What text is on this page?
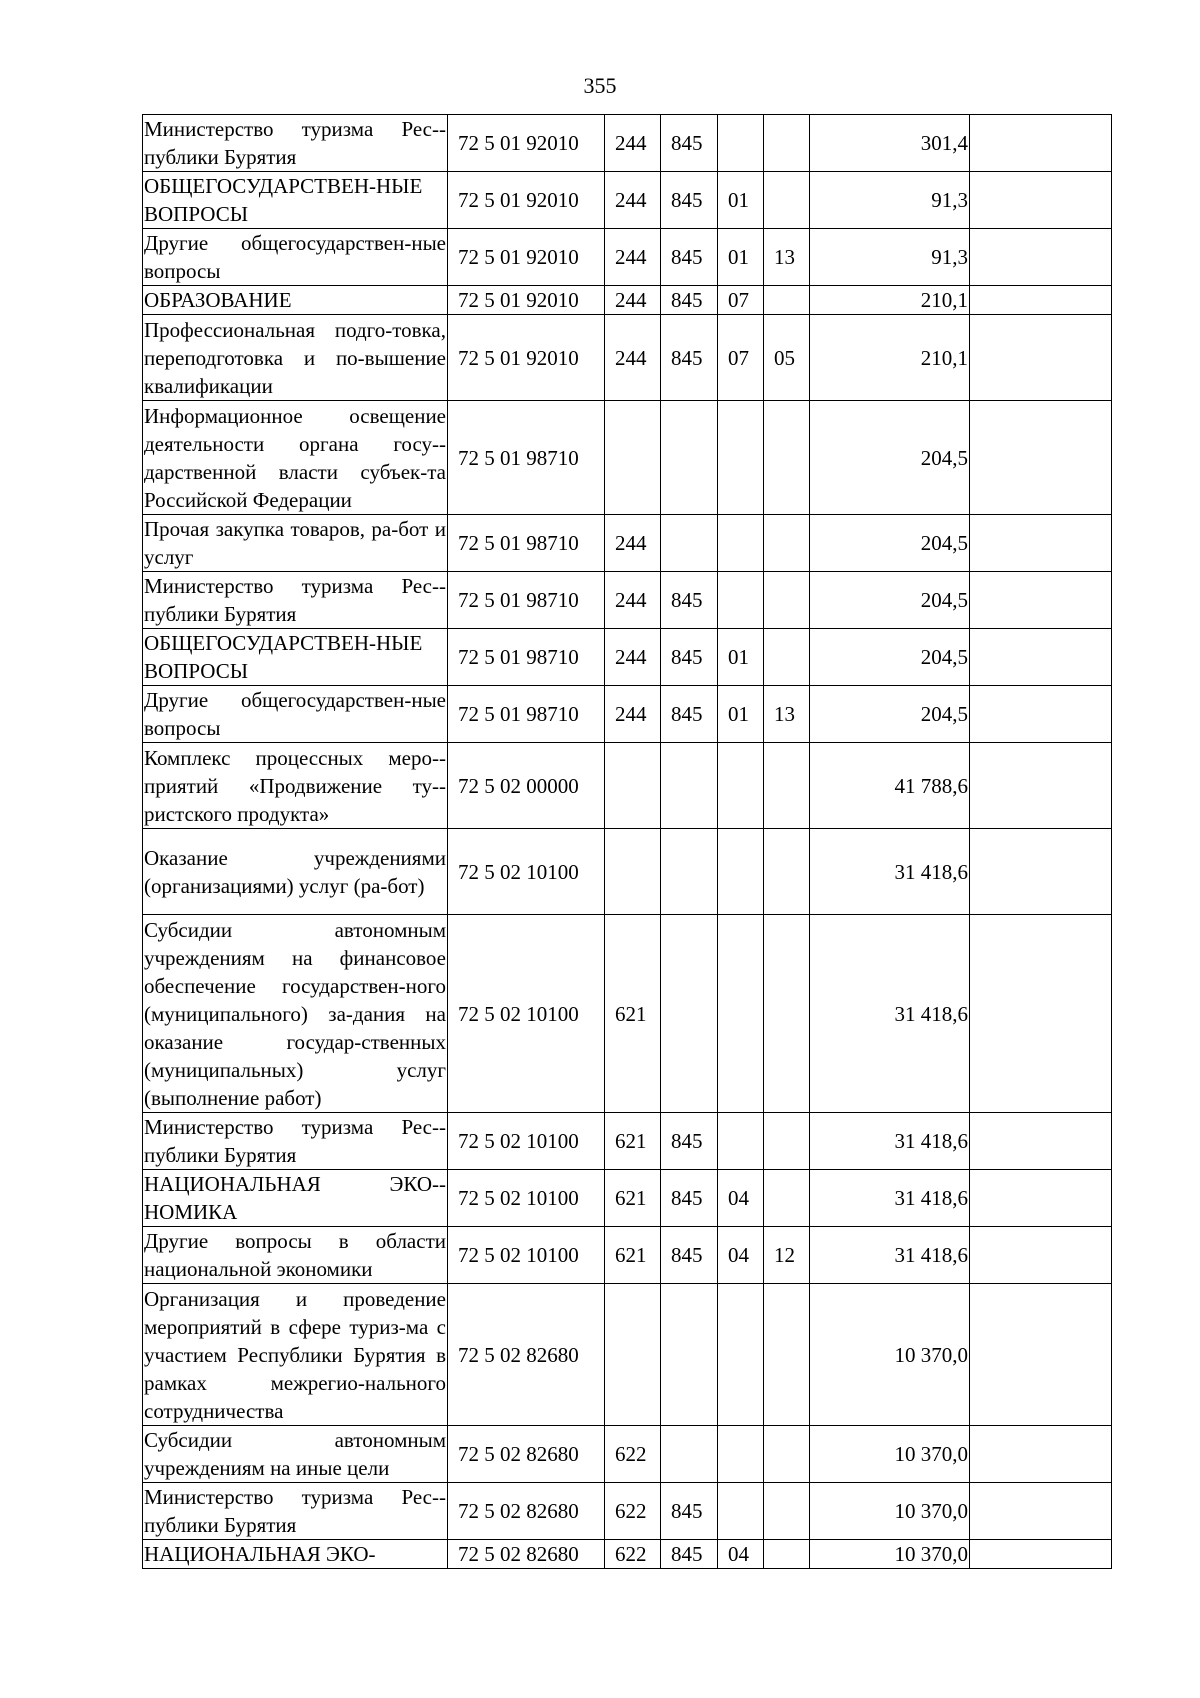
355
Министерство туризма Рес-публики Бурятия	72 5 01 92010	244	845			301,4	
ОБЩЕГОСУДАРСТВЕН-НЫЕ ВОПРОСЫ	72 5 01 92010	244	845	01		91,3	
Другие общегосударствен-ные вопросы	72 5 01 92010	244	845	01	13	91,3	
ОБРАЗОВАНИЕ	72 5 01 92010	244	845	07		210,1	
Профессиональная подго-товка, переподготовка и по-вышение квалификации	72 5 01 92010	244	845	07	05	210,1	
Информационное освещение деятельности органа госу-дарственной власти субъек-та Российской Федерации	72 5 01 98710					204,5	
Прочая закупка товаров, ра-бот и услуг	72 5 01 98710	244				204,5	
Министерство туризма Рес-публики Бурятия	72 5 01 98710	244	845			204,5	
ОБЩЕГОСУДАРСТВЕН-НЫЕ ВОПРОСЫ	72 5 01 98710	244	845	01		204,5	
Другие общегосударствен-ные вопросы	72 5 01 98710	244	845	01	13	204,5	
Комплекс процессных меро-приятий «Продвижение ту-ристского продукта»	72 5 02 00000					41 788,6	
Оказание учреждениями (организациями) услуг (ра-бот)	72 5 02 10100					31 418,6	
Субсидии автономным учреждениям на финансовое обеспечение государствен-ного (муниципального) за-дания на оказание государ-ственных (муниципальных) услуг (выполнение работ)	72 5 02 10100	621				31 418,6	
Министерство туризма Рес-публики Бурятия	72 5 02 10100	621	845			31 418,6	
НАЦИОНАЛЬНАЯ ЭКО-НОМИКА	72 5 02 10100	621	845	04		31 418,6	
Другие вопросы в области национальной экономики	72 5 02 10100	621	845	04	12	31 418,6	
Организация и проведение мероприятий в сфере туриз-ма с участием Республики Бурятия в рамках межрегио-нального сотрудничества	72 5 02 82680					10 370,0	
Субсидии автономным учреждениям на иные цели	72 5 02 82680	622				10 370,0	
Министерство туризма Рес-публики Бурятия	72 5 02 82680	622	845			10 370,0	
НАЦИОНАЛЬНАЯ ЭКО-	72 5 02 82680	622	845	04		10 370,0	
